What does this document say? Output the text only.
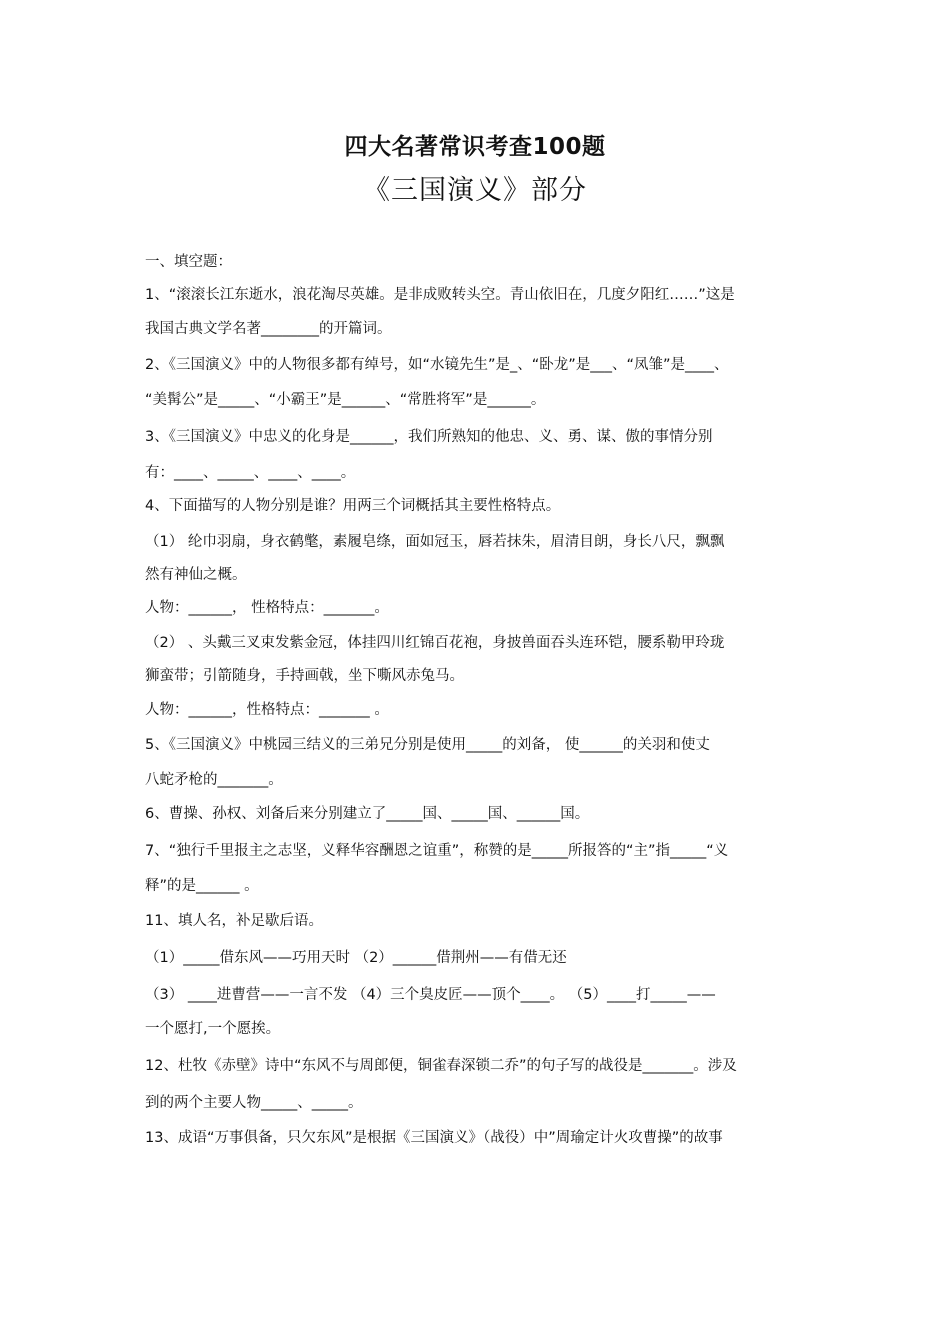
四大名著常识考查100题
《三国演义》部分
一、填空题：
1、“滚滚长江东逝水，浪花淘尽英雄。是非成败转头空。青山依旧在，几度夕阳红……”这是
我国古典文学名著________的开篇词。
2、《三国演义》中的人物很多都有绰号，如“水镜先生”是_、“卧龙”是___、“凤雏”是____、
“美髯公”是_____、“小霸王”是______、“常胜将军”是______。
3、《三国演义》中忠义的化身是______，我们所熟知的他忠、义、勇、谋、傲的事情分别
有：____、_____、____、____。
4、下面描写的人物分别是谁？用两三个词概括其主要性格特点。
（1） 纶巾羽扇，身衣鹤氅，素履皂绦，面如冠玉，唇若抹朱，眉清目朗，身长八尺，飘飘
然有神仙之概。
人物：______， 性格特点：_______。
（2） 、头戴三叉束发紫金冠，体挂四川红锦百花袍，身披兽面吞头连环铠，腰系勒甲玲珑
狮蛮带；引箭随身，手持画戟，坐下嘶风赤兔马。
人物：______，性格特点：_______ 。
5、《三国演义》中桃园三结义的三弟兄分别是使用_____的刘备， 使______的关羽和使丈
八蛇矛枪的_______。
6、曹操、孙权、刘备后来分别建立了_____国、_____国、______国。
7、“独行千里报主之志坚，义释华容酬恩之谊重”，称赞的是_____所报答的“主”指_____“义
释”的是______ 。
11、填人名，补足歇后语。
（1）_____借东风——巧用天时 （2）______借荆州——有借无还
（3） ____进曹营——一言不发 （4）三个臭皮匠——顶个____。 （5）____打_____——
一个愿打,一个愿挨。
12、杜牧《赤壁》诗中“东风不与周郎便，铜雀春深锁二乔”的句子写的战役是_______。涉及
到的两个主要人物_____、_____。
13、成语“万事俱备，只欠东风”是根据《三国演义》（战役）中”周瑜定计火攻曹操”的故事
